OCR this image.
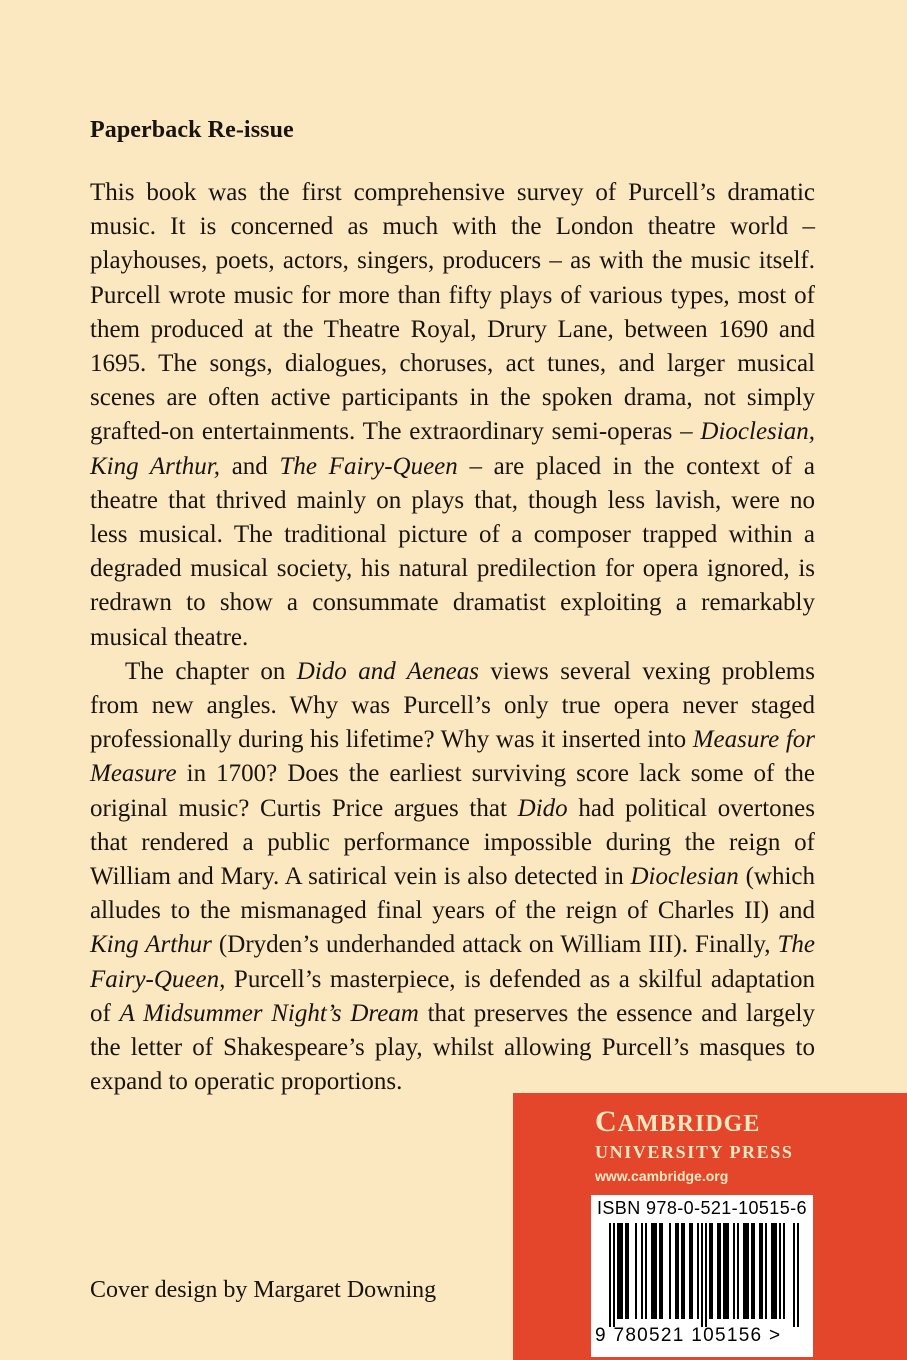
Paperback Re-issue

This book was the first comprehensive survey of Purcell’s dramatic music. It is concerned as much with the London theatre world – playhouses, poets, actors, singers, producers – as with the music itself. Purcell wrote music for more than fifty plays of various types, most of them produced at the Theatre Royal, Drury Lane, between 1690 and 1695. The songs, dialogues, choruses, act tunes, and larger musical scenes are often active participants in the spoken drama, not simply grafted-on entertainments. The extraordinary semi-operas – Dioclesian, King Arthur, and The Fairy-Queen – are placed in the context of a theatre that thrived mainly on plays that, though less lavish, were no less musical. The traditional picture of a composer trapped within a degraded musical society, his natural predilection for opera ignored, is redrawn to show a consummate dramatist exploiting a remarkably musical theatre.

The chapter on Dido and Aeneas views several vexing problems from new angles. Why was Purcell’s only true opera never staged professionally during his lifetime? Why was it inserted into Measure for Measure in 1700? Does the earliest surviving score lack some of the original music? Curtis Price argues that Dido had political overtones that rendered a public performance impossible during the reign of William and Mary. A satirical vein is also detected in Dioclesian (which alludes to the mismanaged final years of the reign of Charles II) and King Arthur (Dryden’s underhanded attack on William III). Finally, The Fairy-Queen, Purcell’s masterpiece, is defended as a skilful adaptation of A Midsummer Night’s Dream that preserves the essence and largely the letter of Shakespeare’s play, whilst allowing Purcell’s masques to expand to operatic proportions.

Cover design by Margaret Downing
CAMBRIDGE
UNIVERSITY PRESS
www.cambridge.org
ISBN 978-0-521-10515-6
9 780521 105156 >
